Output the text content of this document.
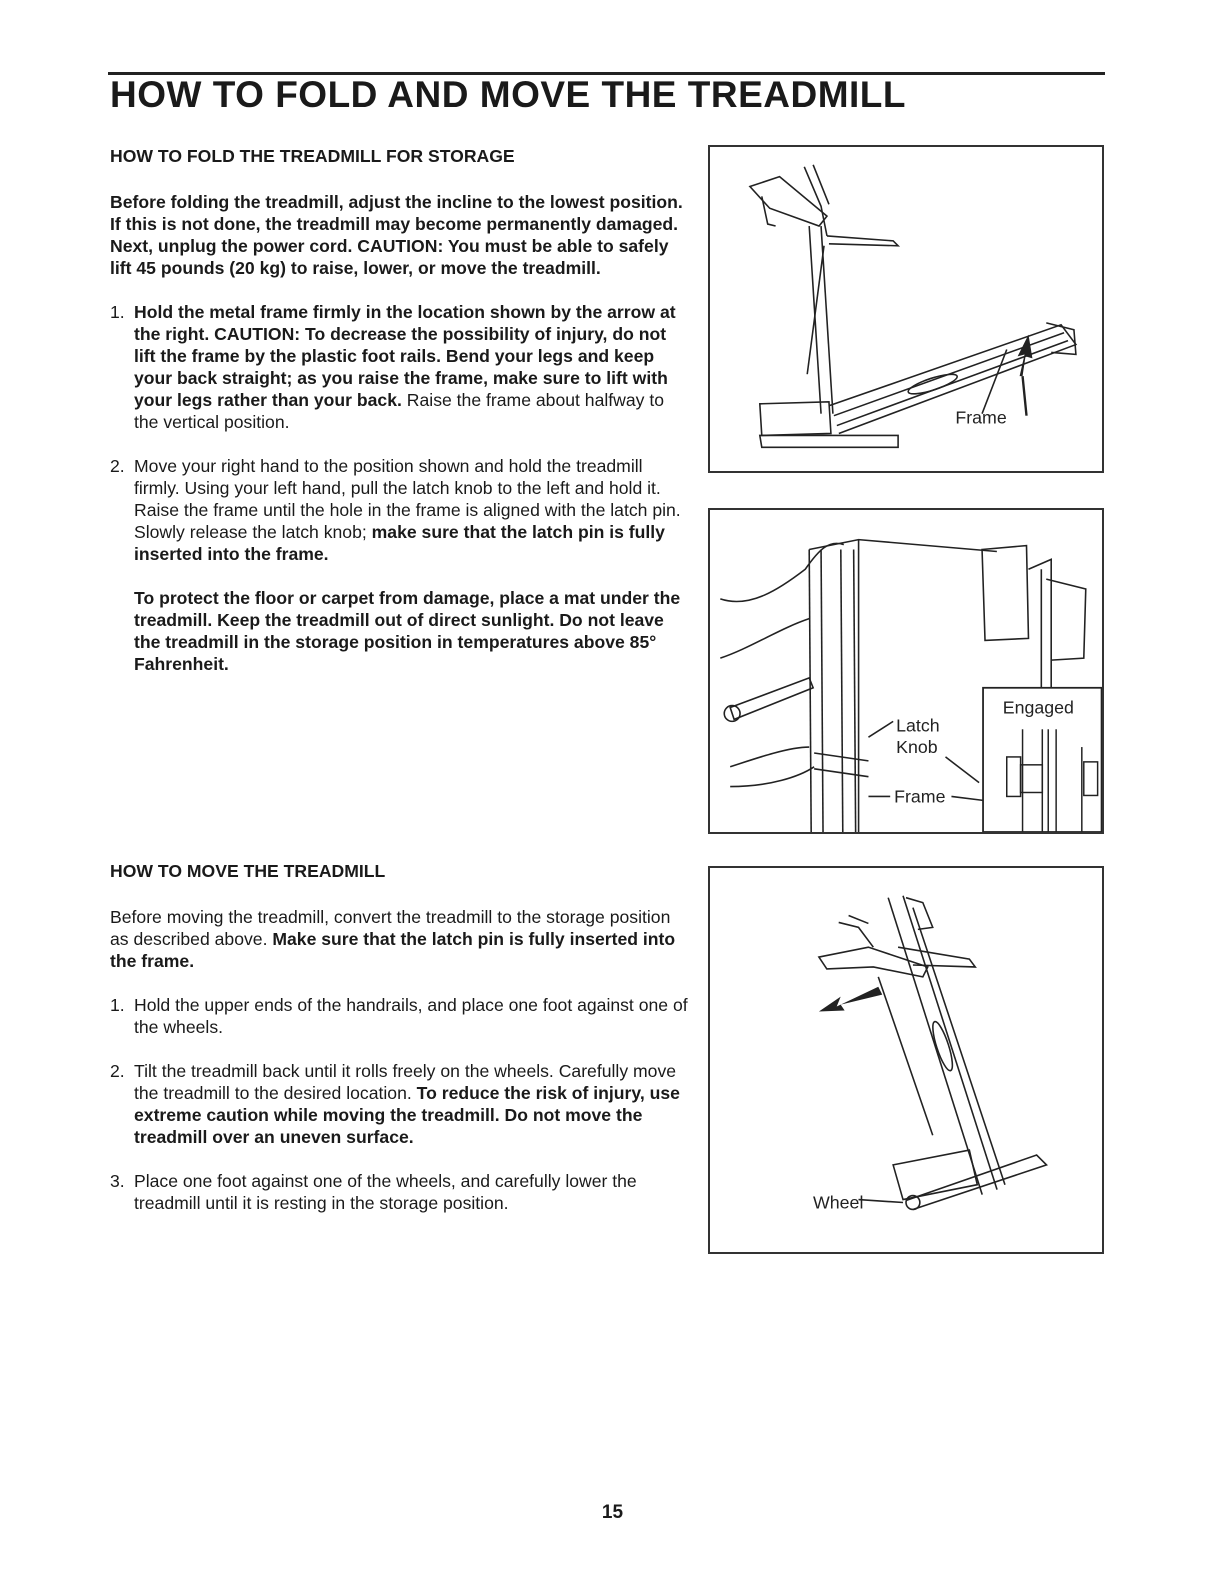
HOW TO FOLD AND MOVE THE TREADMILL

HOW TO FOLD THE TREADMILL FOR STORAGE

Before folding the treadmill, adjust the incline to the lowest position. If this is not done, the treadmill may become permanently damaged. Next, unplug the power cord. CAUTION: You must be able to safely lift 45 pounds (20 kg) to raise, lower, or move the treadmill.

1. Hold the metal frame firmly in the location shown by the arrow at the right. CAUTION: To decrease the possibility of injury, do not lift the frame by the plastic foot rails. Bend your legs and keep your back straight; as you raise the frame, make sure to lift with your legs rather than your back. Raise the frame about halfway to the vertical position.
2. Move your right hand to the position shown and hold the treadmill firmly. Using your left hand, pull the latch knob to the left and hold it. Raise the frame until the hole in the frame is aligned with the latch pin. Slowly release the latch knob; make sure that the latch pin is fully inserted into the frame.

To protect the floor or carpet from damage, place a mat under the treadmill. Keep the treadmill out of direct sunlight. Do not leave the treadmill in the storage position in temperatures above 85° Fahrenheit.

HOW TO MOVE THE TREADMILL

Before moving the treadmill, convert the treadmill to the storage position as described above. Make sure that the latch pin is fully inserted into the frame.

1. Hold the upper ends of the handrails, and place one foot against one of the wheels.
2. Tilt the treadmill back until it rolls freely on the wheels. Carefully move the treadmill to the desired location. To reduce the risk of injury, use extreme caution while moving the treadmill. Do not move the treadmill over an uneven surface.
3. Place one foot against one of the wheels, and carefully lower the treadmill until it is resting in the storage position.
Frame
Engaged
Latch
Knob
Frame
Wheel
15
